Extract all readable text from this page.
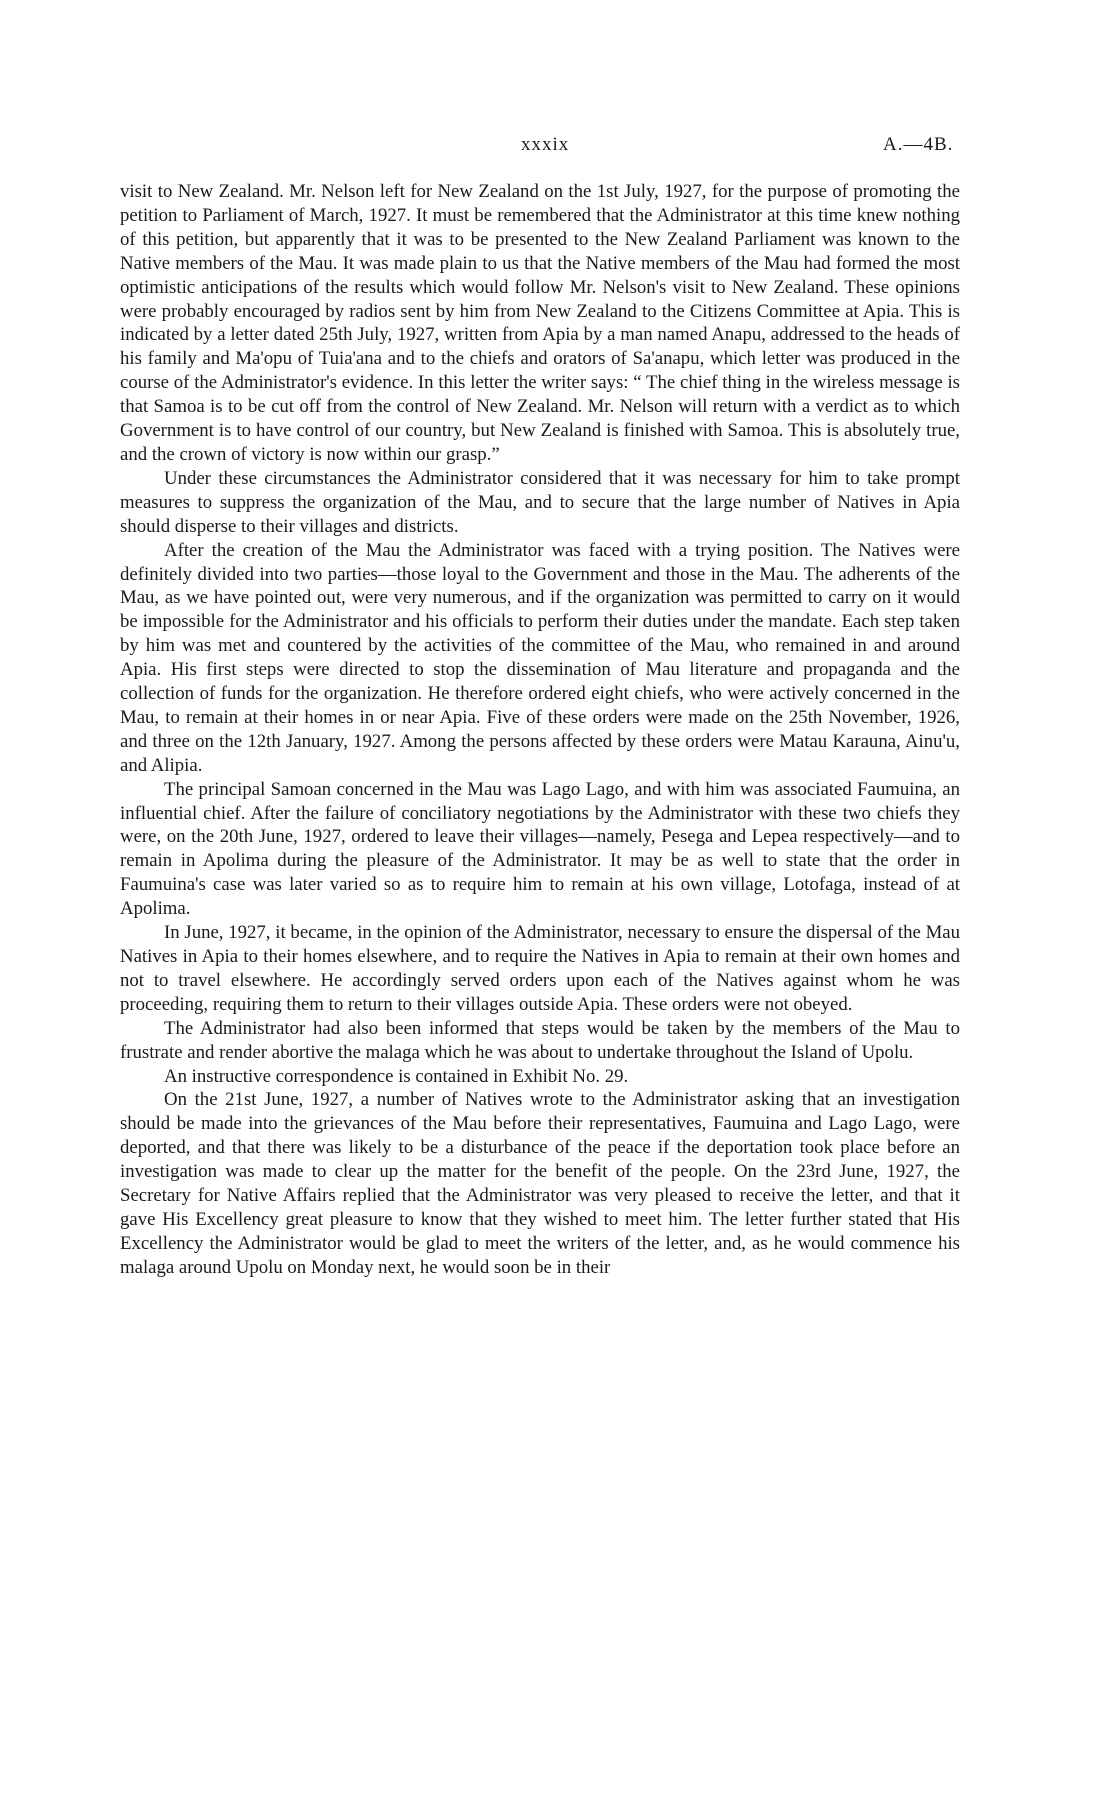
xxxix	A.—4B.

visit to New Zealand. Mr. Nelson left for New Zealand on the 1st July, 1927, for the purpose of promoting the petition to Parliament of March, 1927. It must be remembered that the Administrator at this time knew nothing of this petition, but apparently that it was to be presented to the New Zealand Parliament was known to the Native members of the Mau. It was made plain to us that the Native members of the Mau had formed the most optimistic anticipations of the results which would follow Mr. Nelson's visit to New Zealand. These opinions were probably encouraged by radios sent by him from New Zealand to the Citizens Committee at Apia. This is indicated by a letter dated 25th July, 1927, written from Apia by a man named Anapu, addressed to the heads of his family and Ma'opu of Tuia'ana and to the chiefs and orators of Sa'anapu, which letter was produced in the course of the Administrator's evidence. In this letter the writer says: “ The chief thing in the wireless message is that Samoa is to be cut off from the control of New Zealand. Mr. Nelson will return with a verdict as to which Government is to have control of our country, but New Zealand is finished with Samoa. This is absolutely true, and the crown of victory is now within our grasp.”

Under these circumstances the Administrator considered that it was necessary for him to take prompt measures to suppress the organization of the Mau, and to secure that the large number of Natives in Apia should disperse to their villages and districts.

After the creation of the Mau the Administrator was faced with a trying position. The Natives were definitely divided into two parties—those loyal to the Government and those in the Mau. The adherents of the Mau, as we have pointed out, were very numerous, and if the organization was permitted to carry on it would be impossible for the Administrator and his officials to perform their duties under the mandate. Each step taken by him was met and countered by the activities of the committee of the Mau, who remained in and around Apia. His first steps were directed to stop the dissemination of Mau literature and propaganda and the collection of funds for the organization. He therefore ordered eight chiefs, who were actively concerned in the Mau, to remain at their homes in or near Apia. Five of these orders were made on the 25th November, 1926, and three on the 12th January, 1927. Among the persons affected by these orders were Matau Karauna, Ainu'u, and Alipia.

The principal Samoan concerned in the Mau was Lago Lago, and with him was associated Faumuina, an influential chief. After the failure of conciliatory negotiations by the Administrator with these two chiefs they were, on the 20th June, 1927, ordered to leave their villages—namely, Pesega and Lepea respectively—and to remain in Apolima during the pleasure of the Administrator. It may be as well to state that the order in Faumuina's case was later varied so as to require him to remain at his own village, Lotofaga, instead of at Apolima.

In June, 1927, it became, in the opinion of the Administrator, necessary to ensure the dispersal of the Mau Natives in Apia to their homes elsewhere, and to require the Natives in Apia to remain at their own homes and not to travel elsewhere. He accordingly served orders upon each of the Natives against whom he was proceeding, requiring them to return to their villages outside Apia. These orders were not obeyed.

The Administrator had also been informed that steps would be taken by the members of the Mau to frustrate and render abortive the malaga which he was about to undertake throughout the Island of Upolu.

An instructive correspondence is contained in Exhibit No. 29.

On the 21st June, 1927, a number of Natives wrote to the Administrator asking that an investigation should be made into the grievances of the Mau before their representatives, Faumuina and Lago Lago, were deported, and that there was likely to be a disturbance of the peace if the deportation took place before an investigation was made to clear up the matter for the benefit of the people. On the 23rd June, 1927, the Secretary for Native Affairs replied that the Administrator was very pleased to receive the letter, and that it gave His Excellency great pleasure to know that they wished to meet him. The letter further stated that His Excellency the Administrator would be glad to meet the writers of the letter, and, as he would commence his malaga around Upolu on Monday next, he would soon be in their
